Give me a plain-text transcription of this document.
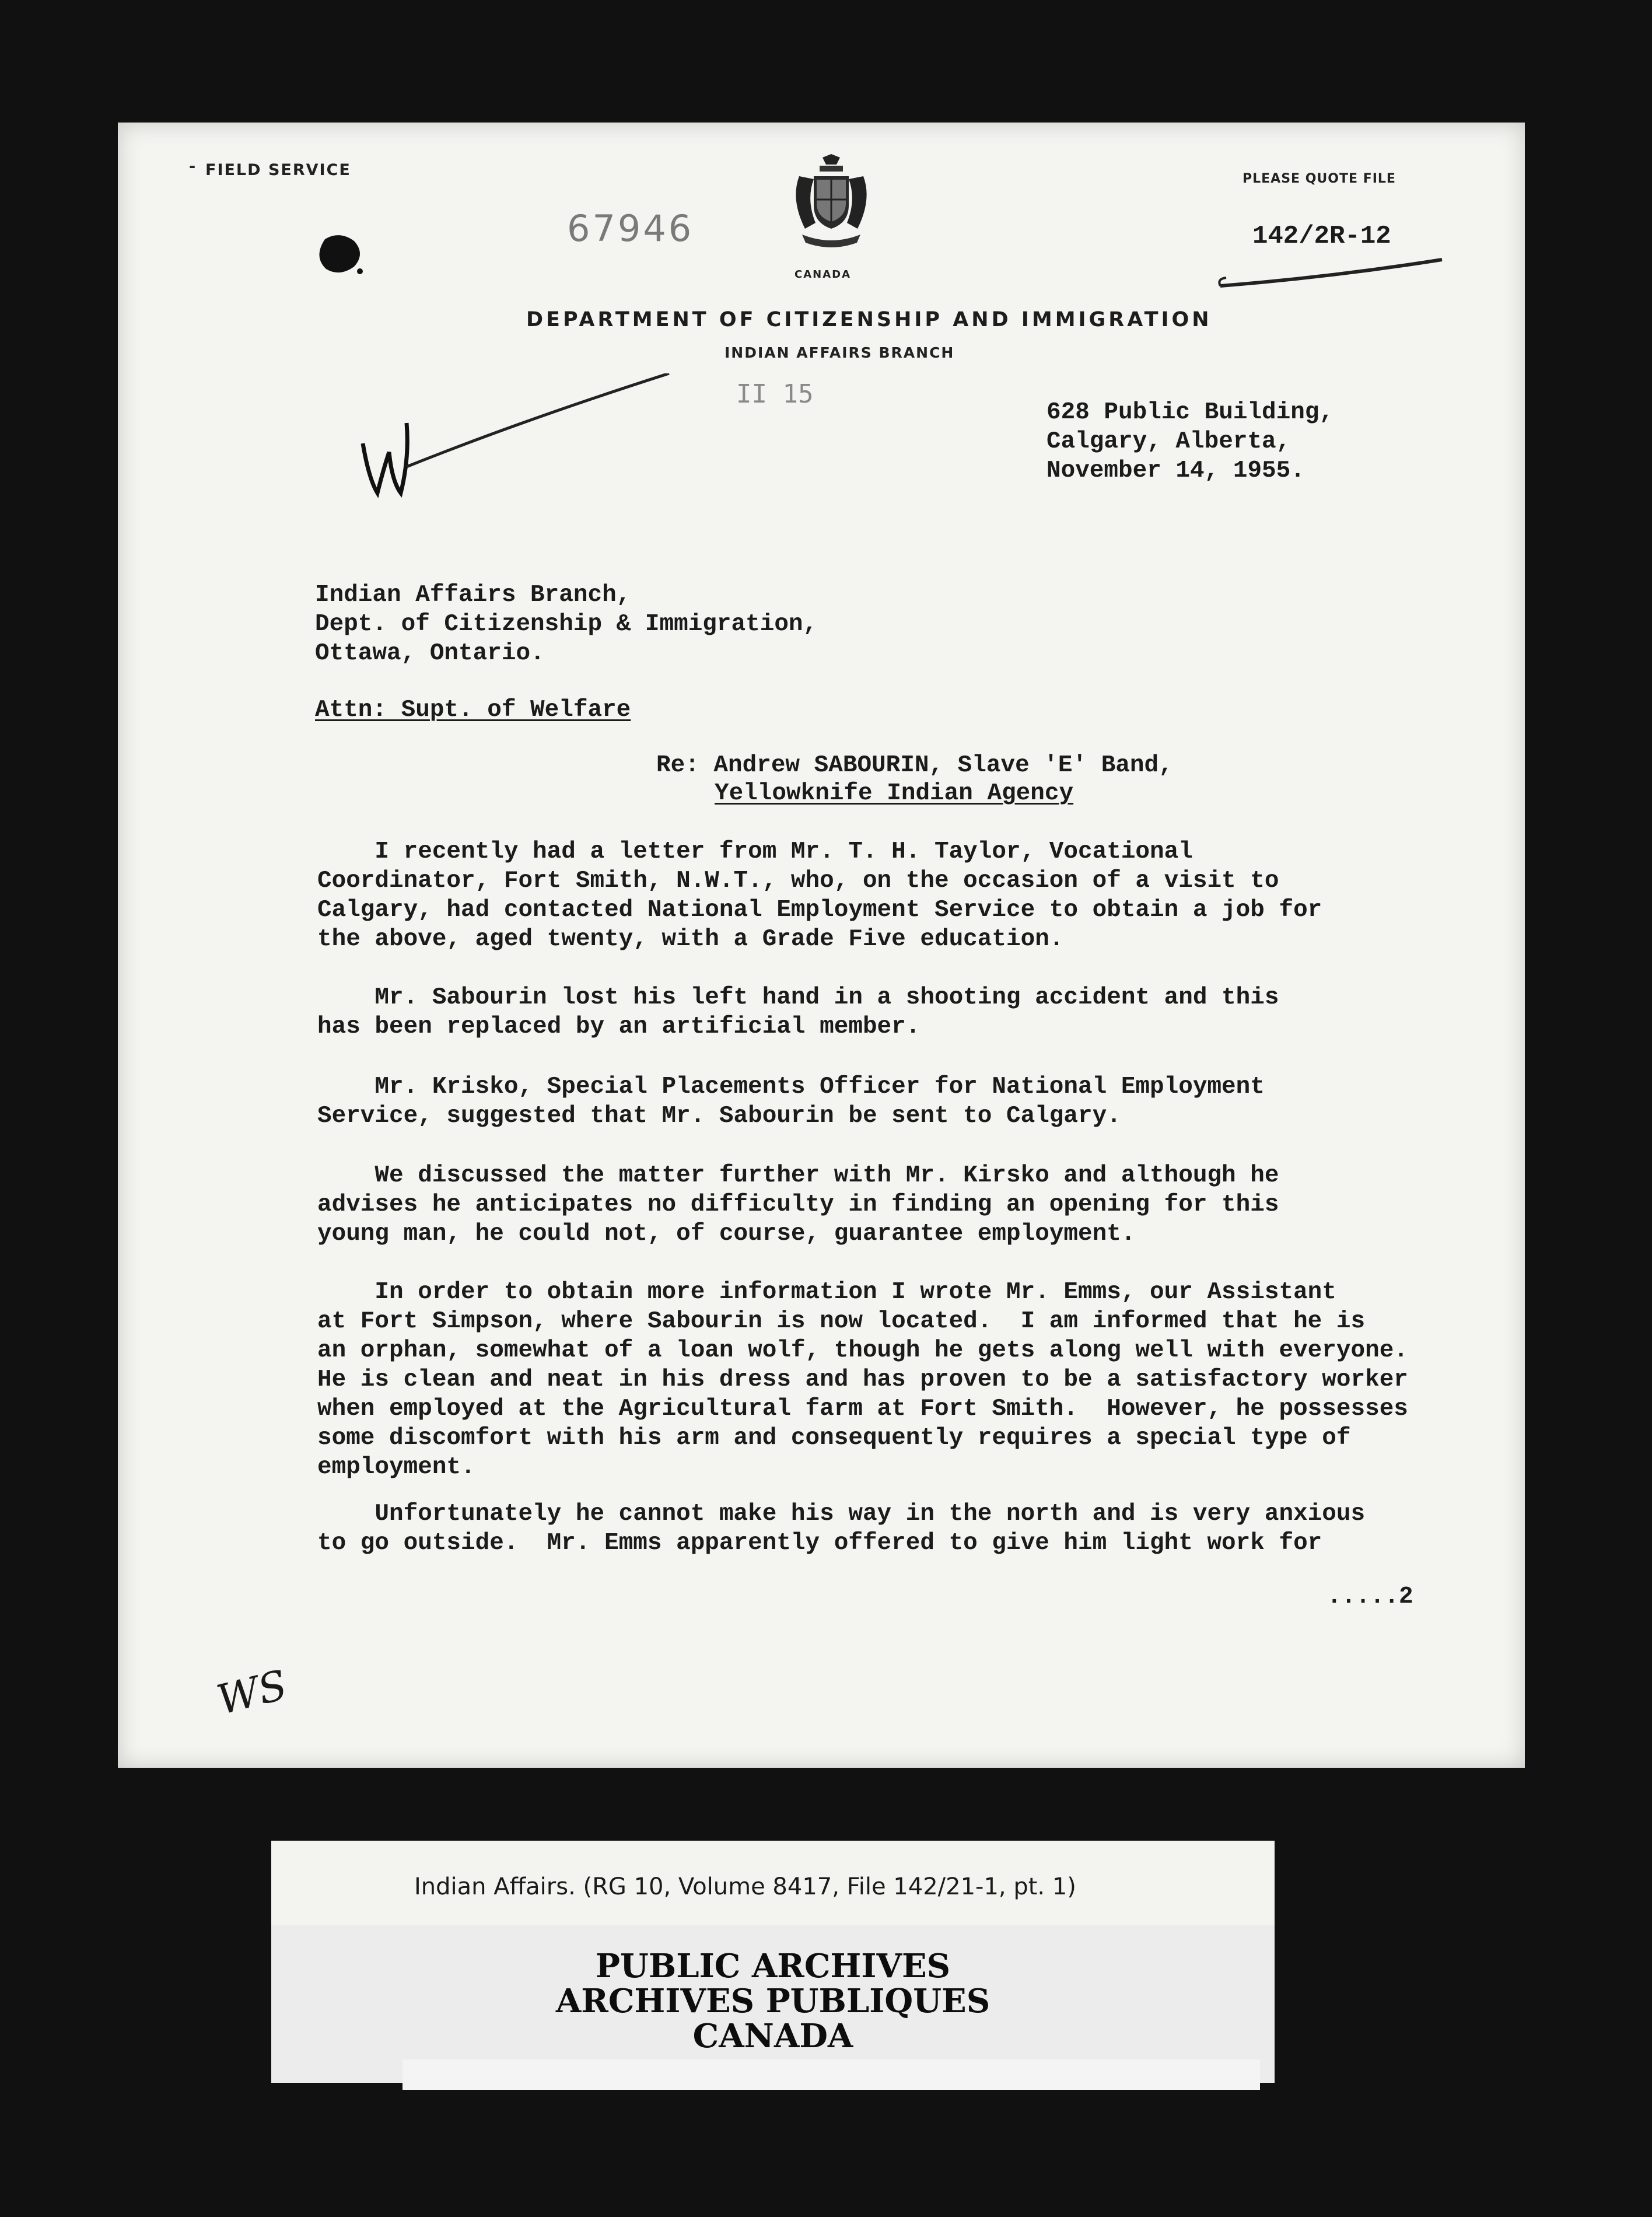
FIELD SERVICE
-
PLEASE QUOTE FILE
142/2R-12
67946
CANADA
DEPARTMENT OF CITIZENSHIP AND IMMIGRATION
INDIAN AFFAIRS BRANCH
II 15
628 Public Building,
Calgary, Alberta,
November 14, 1955.
Indian Affairs Branch,
Dept. of Citizenship & Immigration,
Ottawa, Ontario.
Attn: Supt. of Welfare
Re: Andrew SABOURIN, Slave 'E' Band,
Yellowknife Indian Agency
I recently had a letter from Mr. T. H. Taylor, Vocational
Coordinator, Fort Smith, N.W.T., who, on the occasion of a visit to
Calgary, had contacted National Employment Service to obtain a job for
the above, aged twenty, with a Grade Five education.
Mr. Sabourin lost his left hand in a shooting accident and this
has been replaced by an artificial member.
Mr. Krisko, Special Placements Officer for National Employment
Service, suggested that Mr. Sabourin be sent to Calgary.
We discussed the matter further with Mr. Kirsko and although he
advises he anticipates no difficulty in finding an opening for this
young man, he could not, of course, guarantee employment.
In order to obtain more information I wrote Mr. Emms, our Assistant
at Fort Simpson, where Sabourin is now located.  I am informed that he is
an orphan, somewhat of a loan wolf, though he gets along well with everyone.
He is clean and neat in his dress and has proven to be a satisfactory worker
when employed at the Agricultural farm at Fort Smith.  However, he possesses
some discomfort with his arm and consequently requires a special type of
employment.
Unfortunately he cannot make his way in the north and is very anxious
to go outside.  Mr. Emms apparently offered to give him light work for
.....2
WS
Indian Affairs. (RG 10, Volume 8417, File 142/21-1, pt. 1)
PUBLIC ARCHIVES
ARCHIVES PUBLIQUES
CANADA
